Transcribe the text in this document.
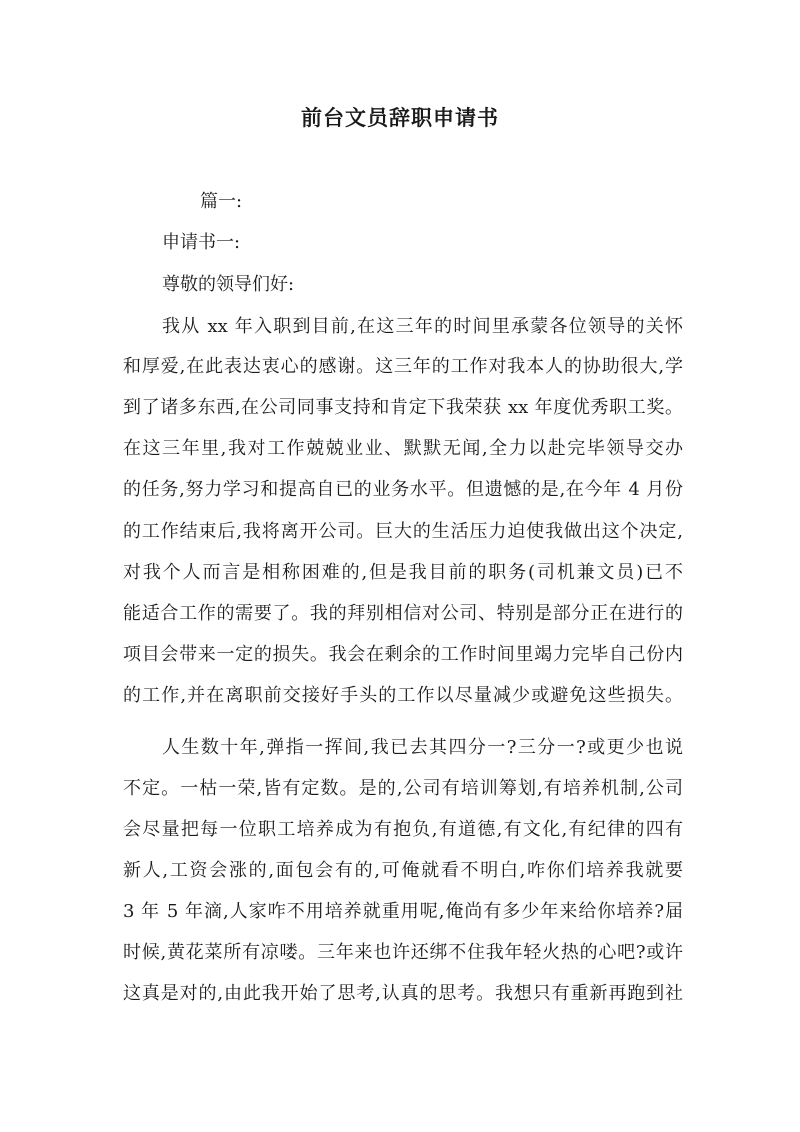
前台文员辞职申请书
篇一:
申请书一:
尊敬的领导们好:
我从 xx 年入职到目前,在这三年的时间里承蒙各位领导的关怀
和厚爱,在此表达衷心的感谢。这三年的工作对我本人的协助很大,学
到了诸多东西,在公司同事支持和肯定下我荣获 xx 年度优秀职工奖。
在这三年里,我对工作兢兢业业、默默无闻,全力以赴完毕领导交办
的任务,努力学习和提高自已的业务水平。但遗憾的是,在今年 4 月份
的工作结束后,我将离开公司。巨大的生活压力迫使我做出这个决定,
对我个人而言是相称困难的,但是我目前的职务(司机兼文员)已不
能适合工作的需要了。我的拜别相信对公司、特别是部分正在进行的
项目会带来一定的损失。我会在剩余的工作时间里竭力完毕自己份内
的工作,并在离职前交接好手头的工作以尽量减少或避免这些损失。
人生数十年,弹指一挥间,我已去其四分一?三分一?或更少也说
不定。一枯一荣,皆有定数。是的,公司有培训筹划,有培养机制,公司
会尽量把每一位职工培养成为有抱负,有道德,有文化,有纪律的四有
新人,工资会涨的,面包会有的,可俺就看不明白,咋你们培养我就要
3 年 5 年滴,人家咋不用培养就重用呢,俺尚有多少年来给你培养?届
时候,黄花菜所有凉喽。三年来也许还绑不住我年轻火热的心吧?或许
这真是对的,由此我开始了思考,认真的思考。我想只有重新再跑到社
